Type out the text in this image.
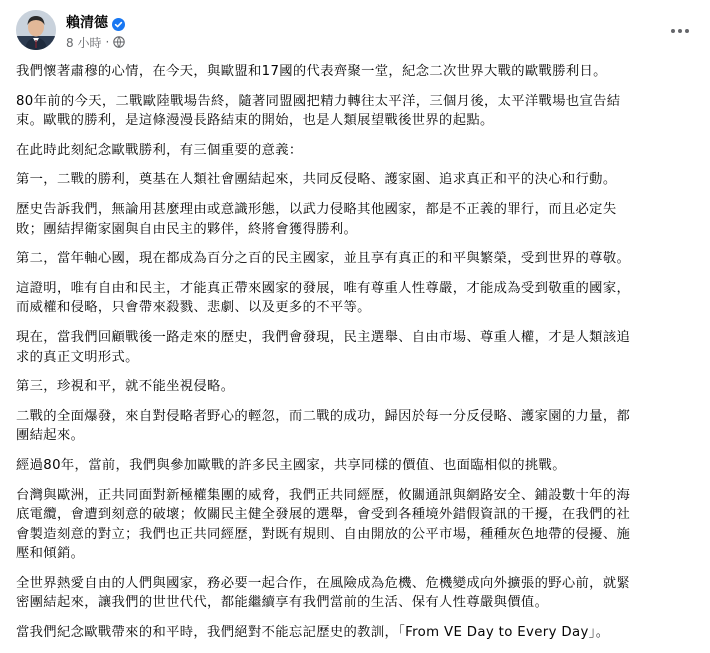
賴清德
8 小時 ·

我們懷著肅穆的心情，在今天，與歐盟和17國的代表齊聚一堂，紀念二次世界大戰的歐戰勝利日。

80年前的今天，二戰歐陸戰場告終，隨著同盟國把精力轉往太平洋，三個月後，太平洋戰場也宣告結
束。歐戰的勝利，是這條漫漫長路結束的開始，也是人類展望戰後世界的起點。

在此時此刻紀念歐戰勝利，有三個重要的意義：

第一，二戰的勝利，奠基在人類社會團結起來，共同反侵略、護家園、追求真正和平的決心和行動。

歷史告訴我們，無論用甚麼理由或意識形態，以武力侵略其他國家，都是不正義的罪行，而且必定失
敗；團結捍衛家園與自由民主的夥伴，終將會獲得勝利。

第二，當年軸心國，現在都成為百分之百的民主國家，並且享有真正的和平與繁榮，受到世界的尊敬。

這證明，唯有自由和民主，才能真正帶來國家的發展，唯有尊重人性尊嚴，才能成為受到敬重的國家，
而威權和侵略，只會帶來殺戮、悲劇、以及更多的不平等。

現在，當我們回顧戰後一路走來的歷史，我們會發現，民主選舉、自由市場、尊重人權，才是人類該追
求的真正文明形式。

第三，珍視和平，就不能坐視侵略。

二戰的全面爆發，來自對侵略者野心的輕忽，而二戰的成功，歸因於每一分反侵略、護家園的力量，都
團結起來。

經過80年，當前，我們與參加歐戰的許多民主國家，共享同樣的價值、也面臨相似的挑戰。

台灣與歐洲，正共同面對新極權集團的威脅，我們正共同經歷，攸關通訊與網路安全、鋪設數十年的海
底電纜，會遭到刻意的破壞；攸關民主健全發展的選舉，會受到各種境外錯假資訊的干擾，在我們的社
會製造刻意的對立；我們也正共同經歷，對既有規則、自由開放的公平市場，種種灰色地帶的侵擾、施
壓和傾銷。

全世界熱愛自由的人們與國家，務必要一起合作，在風險成為危機、危機變成向外擴張的野心前，就緊
密團結起來，讓我們的世世代代，都能繼續享有我們當前的生活、保有人性尊嚴與價值。

當我們紀念歐戰帶來的和平時，我們絕對不能忘記歷史的教訓，「From VE Day to Every Day」。
